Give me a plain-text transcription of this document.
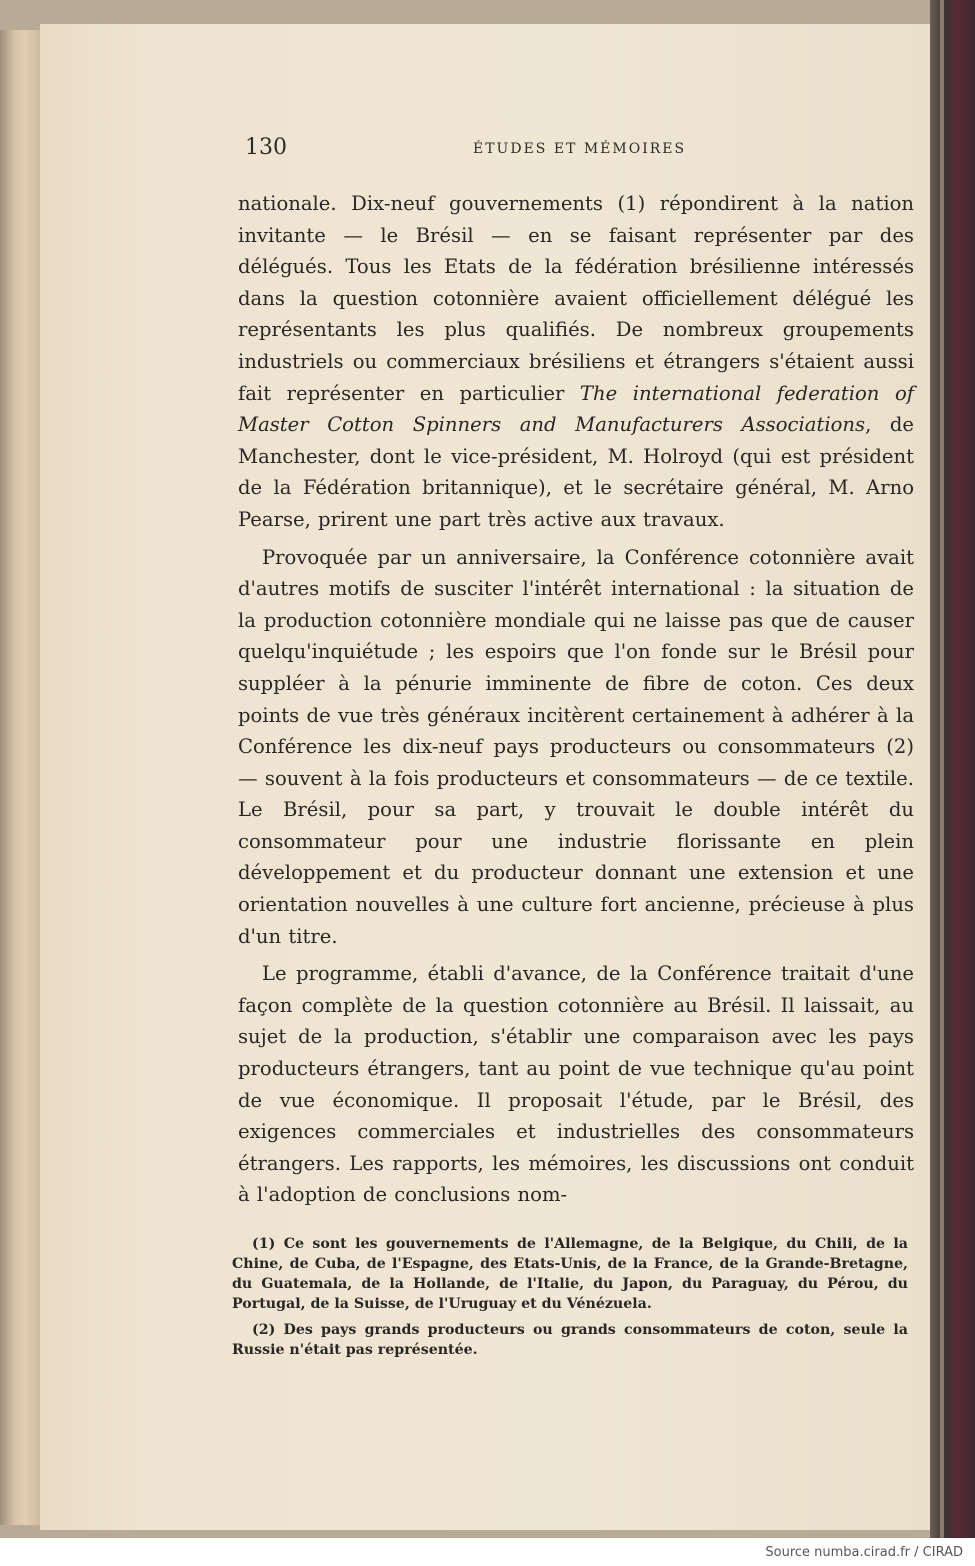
130	ÉTUDES ET MÉMOIRES

nationale. Dix-neuf gouvernements (1) répondirent à la nation invitante — le Brésil — en se faisant représenter par des délégués. Tous les Etats de la fédération brésilienne intéressés dans la question cotonnière avaient officiellement délégué les représentants les plus qualifiés. De nombreux groupements industriels ou commerciaux brésiliens et étrangers s'étaient aussi fait représenter en particulier The international federation of Master Cotton Spinners and Manufacturers Associations, de Manchester, dont le vice-président, M. Holroyd (qui est président de la Fédération britannique), et le secrétaire général, M. Arno Pearse, prirent une part très active aux travaux.

Provoquée par un anniversaire, la Conférence cotonnière avait d'autres motifs de susciter l'intérêt international : la situation de la production cotonnière mondiale qui ne laisse pas que de causer quelqu'inquiétude ; les espoirs que l'on fonde sur le Brésil pour suppléer à la pénurie imminente de fibre de coton. Ces deux points de vue très généraux incitèrent certainement à adhérer à la Conférence les dix-neuf pays producteurs ou consommateurs (2) — souvent à la fois producteurs et consommateurs — de ce textile. Le Brésil, pour sa part, y trouvait le double intérêt du consommateur pour une industrie florissante en plein développement et du producteur donnant une extension et une orientation nouvelles à une culture fort ancienne, précieuse à plus d'un titre.

Le programme, établi d'avance, de la Conférence traitait d'une façon complète de la question cotonnière au Brésil. Il laissait, au sujet de la production, s'établir une comparaison avec les pays producteurs étrangers, tant au point de vue technique qu'au point de vue économique. Il proposait l'étude, par le Brésil, des exigences commerciales et industrielles des consommateurs étrangers. Les rapports, les mémoires, les discussions ont conduit à l'adoption de conclusions nom-

(1) Ce sont les gouvernements de l'Allemagne, de la Belgique, du Chili, de la Chine, de Cuba, de l'Espagne, des Etats-Unis, de la France, de la Grande-Bretagne, du Guatemala, de la Hollande, de l'Italie, du Japon, du Paraguay, du Pérou, du Portugal, de la Suisse, de l'Uruguay et du Vénézuela.

(2) Des pays grands producteurs ou grands consommateurs de coton, seule la Russie n'était pas représentée.

Source numba.cirad.fr / CIRAD
